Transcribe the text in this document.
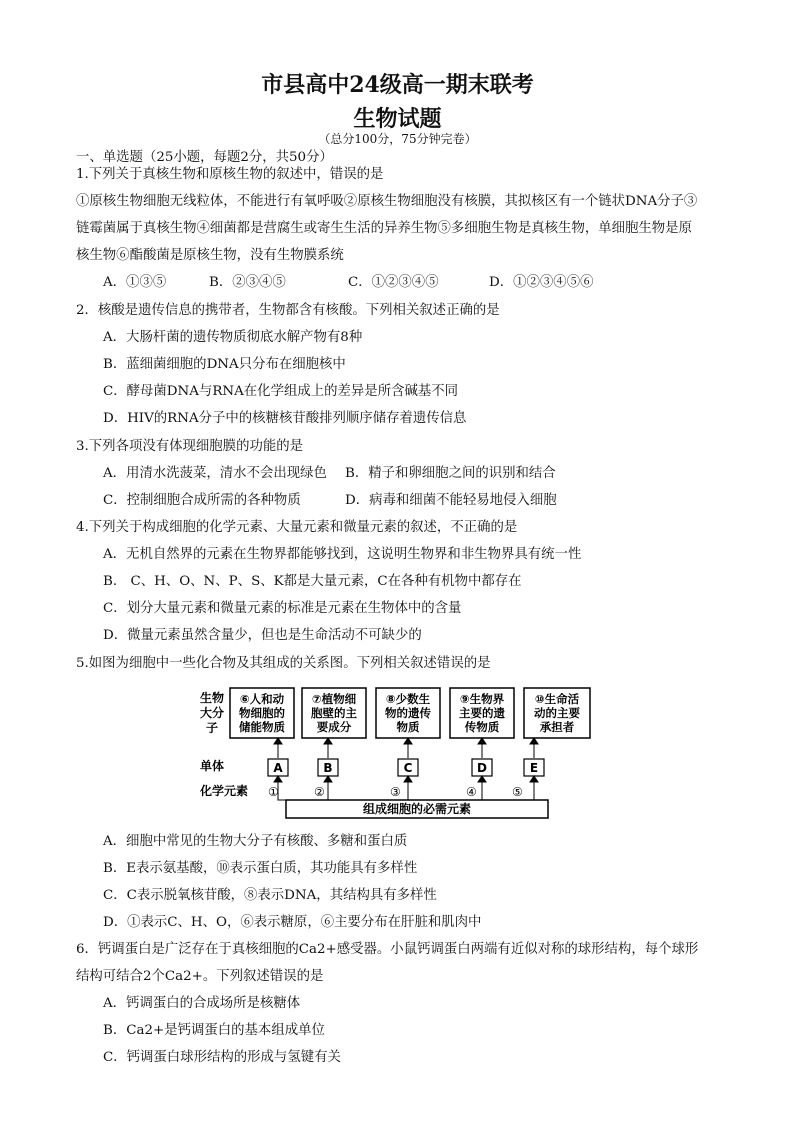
市县高中24级高一期末联考
生物试题
（总分100分，75分钟完卷）
一、单选题（25小题，每题2分，共50分）
1.下列关于真核生物和原核生物的叙述中，错误的是
①原核生物细胞无线粒体，不能进行有氧呼吸②原核生物细胞没有核膜，其拟核区有一个链状DNA分子③
链霉菌属于真核生物④细菌都是营腐生或寄生生活的异养生物⑤多细胞生物是真核生物，单细胞生物是原
核生物⑥酯酸菌是原核生物，没有生物膜系统
A．①③⑤	B．②③④⑤	C．①②③④⑤	D．①②③④⑤⑥
2．核酸是遗传信息的携带者，生物都含有核酸。下列相关叙述正确的是
A．大肠杆菌的遗传物质彻底水解产物有8种
B．蓝细菌细胞的DNA只分布在细胞核中
C．酵母菌DNA与RNA在化学组成上的差异是所含碱基不同
D．HIV的RNA分子中的核糖核苷酸排列顺序储存着遗传信息
3.下列各项没有体现细胞膜的功能的是
A．用清水洗菠菜，清水不会出现绿色 B．精子和卵细胞之间的识别和结合
C．控制细胞合成所需的各种物质	D．病毒和细菌不能轻易地侵入细胞
4.下列关于构成细胞的化学元素、大量元素和微量元素的叙述，不正确的是
A．无机自然界的元素在生物界都能够找到，这说明生物界和非生物界具有统一性
B． C、H、O、N、P、S、K都是大量元素，C在各种有机物中都存在
C．划分大量元素和微量元素的标准是元素在生物体中的含量
D．微量元素虽然含量少，但也是生命活动不可缺少的
5.如图为细胞中一些化合物及其组成的关系图。下列相关叙述错误的是
生物
大分
子
单体
化学元素
⑥人和动
物细胞的
储能物质
⑦植物细
胞壁的主
要成分
⑧少数生
物的遗传
物质
⑨生物界
主要的遗
传物质
⑩生命活
动的主要
承担者
A	B	C	D	E
①	②	③	④	⑤
组成细胞的必需元素
A．细胞中常见的生物大分子有核酸、多糖和蛋白质
B．E表示氨基酸，⑩表示蛋白质，其功能具有多样性
C．C表示脱氧核苷酸，⑧表示DNA，其结构具有多样性
D．①表示C、H、O，⑥表示糖原，⑥主要分布在肝脏和肌肉中
6．钙调蛋白是广泛存在于真核细胞的Ca2+感受器。小鼠钙调蛋白两端有近似对称的球形结构，每个球形
结构可结合2个Ca2+。下列叙述错误的是
A．钙调蛋白的合成场所是核糖体
B．Ca2+是钙调蛋白的基本组成单位
C．钙调蛋白球形结构的形成与氢键有关
